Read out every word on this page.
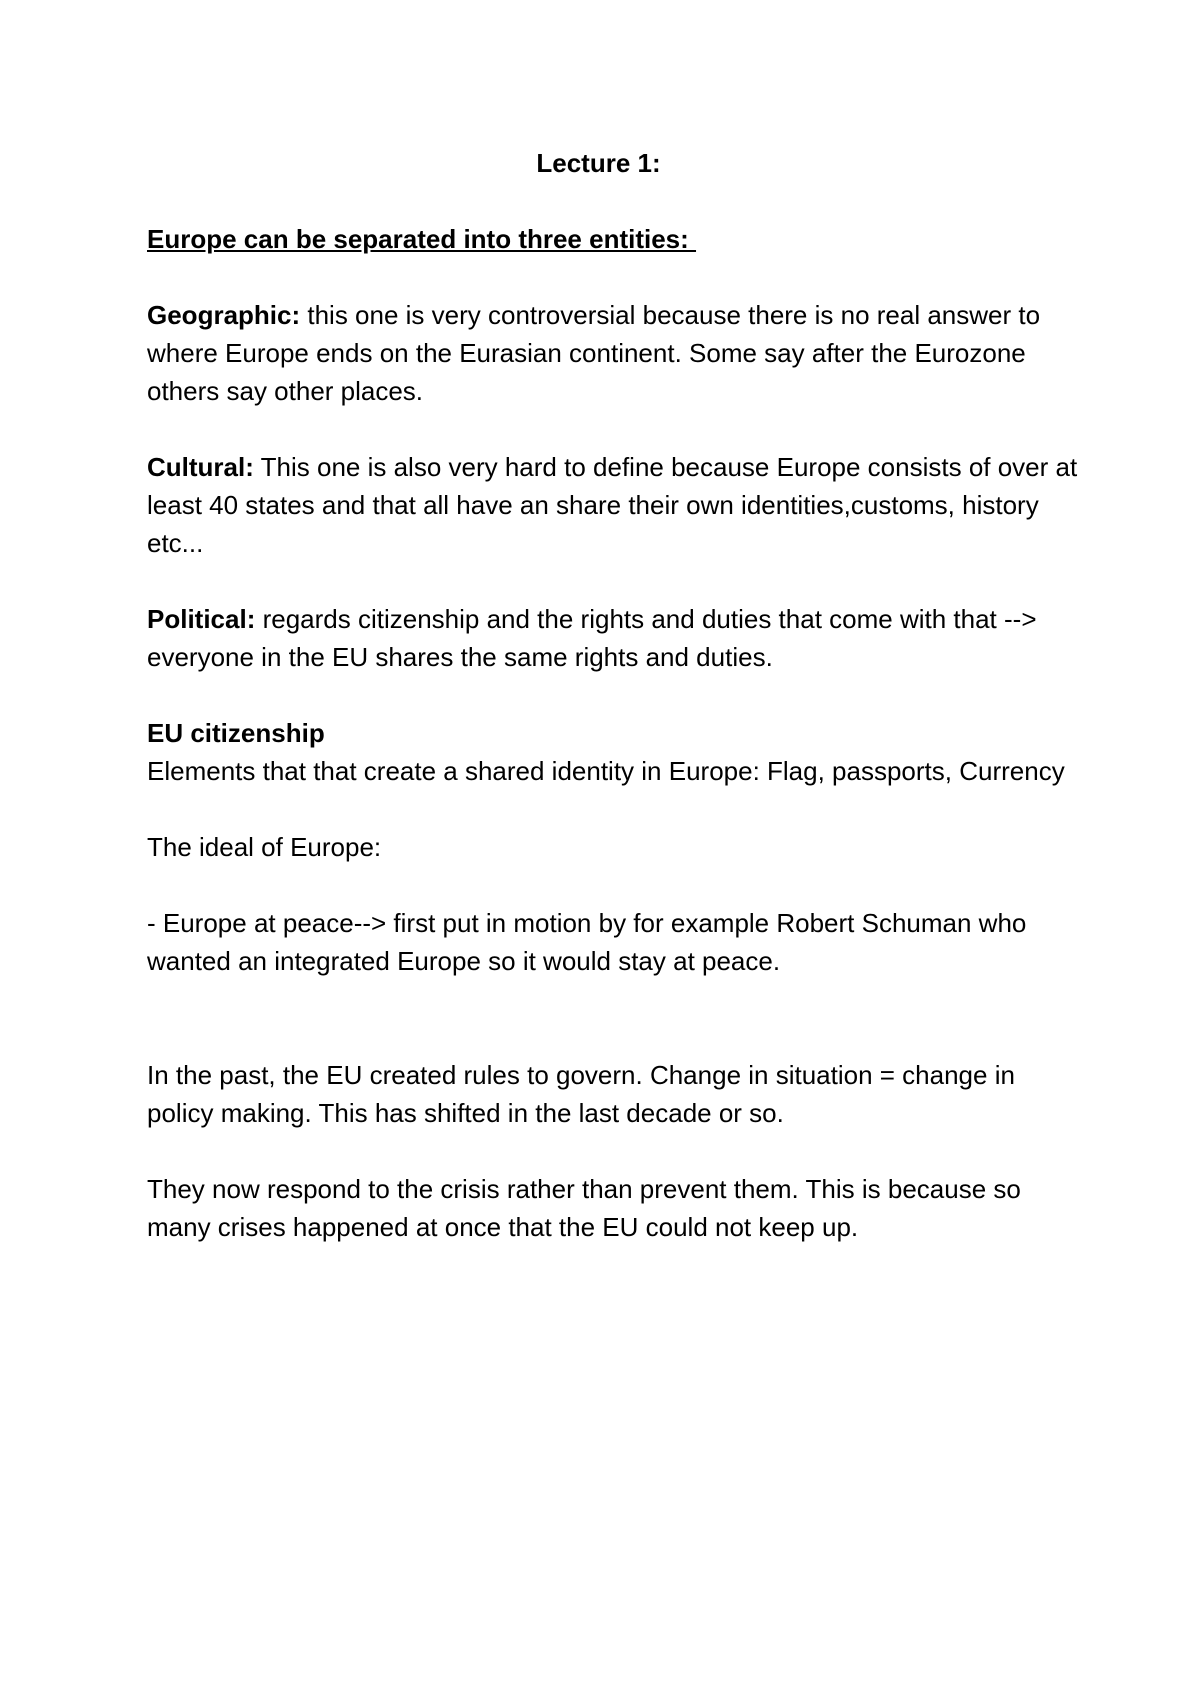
Lecture 1:

Europe can be separated into three entities:

Geographic: this one is very controversial because there is no real answer to where Europe ends on the Eurasian continent. Some say after the Eurozone others say other places.

Cultural: This one is also very hard to define because Europe consists of over at least 40 states and that all have an share their own identities,customs, history etc...

Political: regards citizenship and the rights and duties that come with that --> everyone in the EU shares the same rights and duties.

EU citizenship

Elements that that create a shared identity in Europe: Flag, passports, Currency

The ideal of Europe:

- Europe at peace--> first put in motion by for example Robert Schuman who wanted an integrated Europe so it would stay at peace.

In the past, the EU created rules to govern. Change in situation = change in policy making. This has shifted in the last decade or so.

They now respond to the crisis rather than prevent them. This is because so many crises happened at once that the EU could not keep up.
